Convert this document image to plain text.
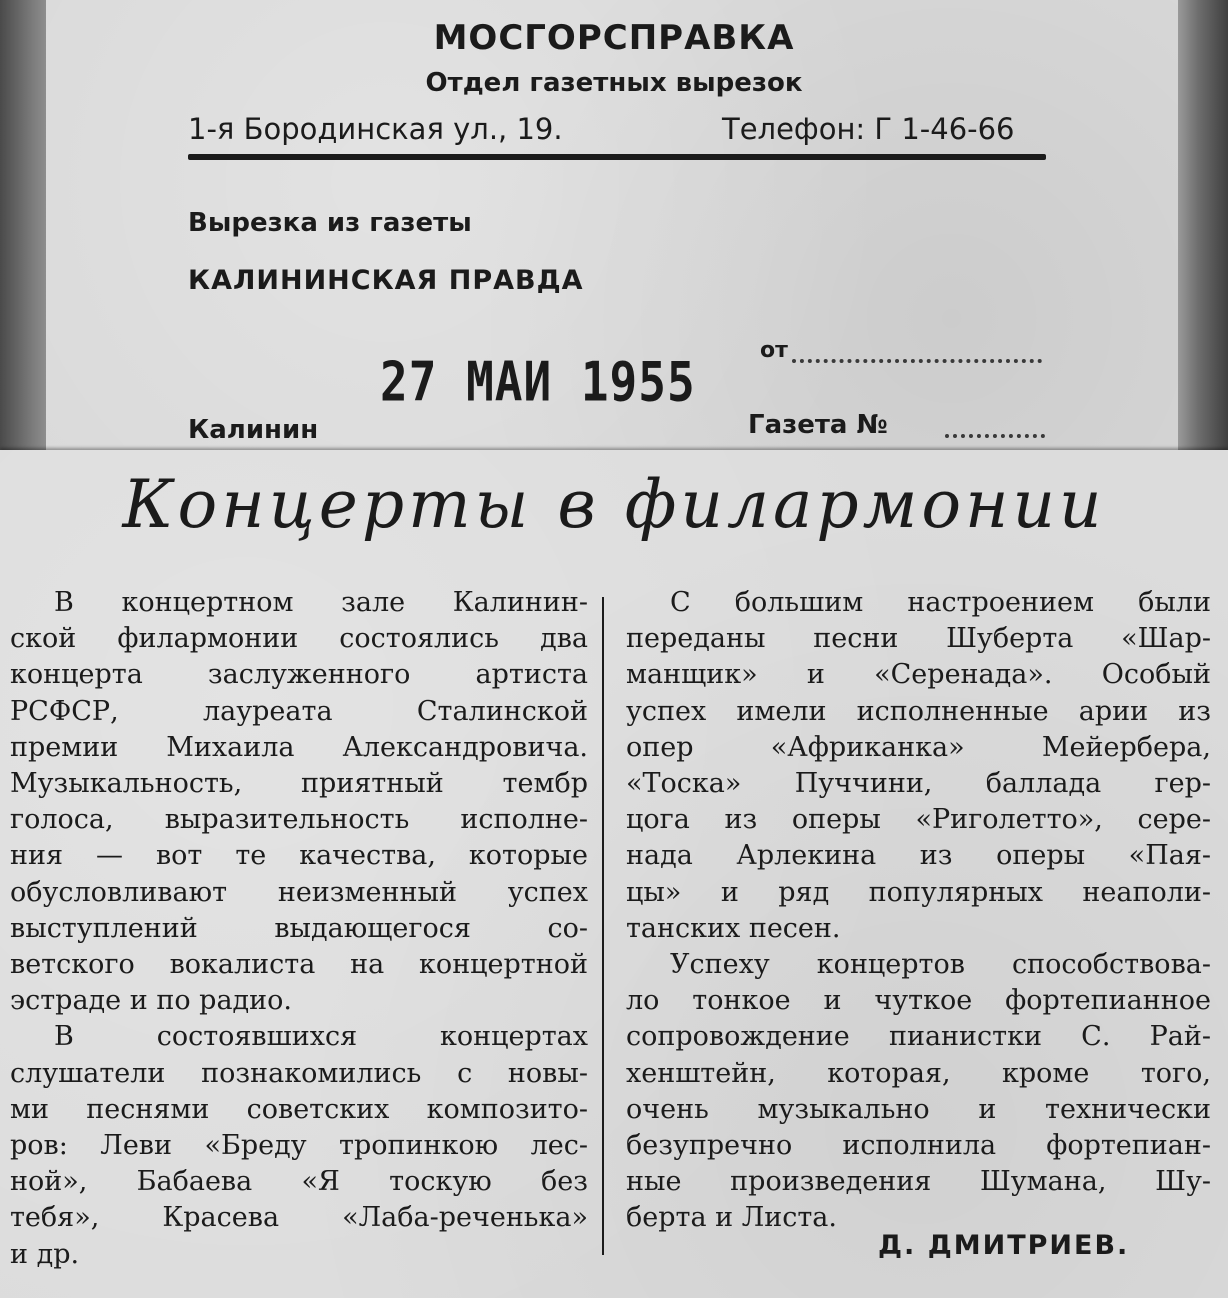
МОСГОРСПРАВКА
Отдел газетных вырезок
1-я Бородинская ул., 19.	Телефон: Г 1-46-66
Вырезка из газеты
КАЛИНИНСКАЯ ПРАВДА
27 МАИ 1955	от
Калинин	Газета №
Концерты в филармонии
В концертном зале Калинин-
ской филармонии состоялись два
концерта заслуженного артиста
РСФСР, лауреата Сталинской
премии Михаила Александровича.
Музыкальность, приятный тембр
голоса, выразительность исполне-
ния — вот те качества, которые
обусловливают неизменный успех
выступлений выдающегося со-
ветского вокалиста на концертной
эстраде и по радио.
В состоявшихся концертах
слушатели познакомились с новы-
ми песнями советских композито-
ров: Леви «Бреду тропинкою лес-
ной», Бабаева «Я тоскую без
тебя», Красева «Лаба-реченька»
и др.
С большим настроением были
переданы песни Шуберта «Шар-
манщик» и «Серенада». Особый
успех имели исполненные арии из
опер «Африканка» Мейербера,
«Тоска» Пуччини, баллада гер-
цога из оперы «Риголетто», сере-
нада Арлекина из оперы «Пая-
цы» и ряд популярных неаполи-
танских песен.
Успеху концертов способствова-
ло тонкое и чуткое фортепианное
сопровождение пианистки С. Рай-
хенштейн, которая, кроме того,
очень музыкально и технически
безупречно исполнила фортепиан-
ные произведения Шумана, Шу-
берта и Листа.
Д. ДМИТРИЕВ.
